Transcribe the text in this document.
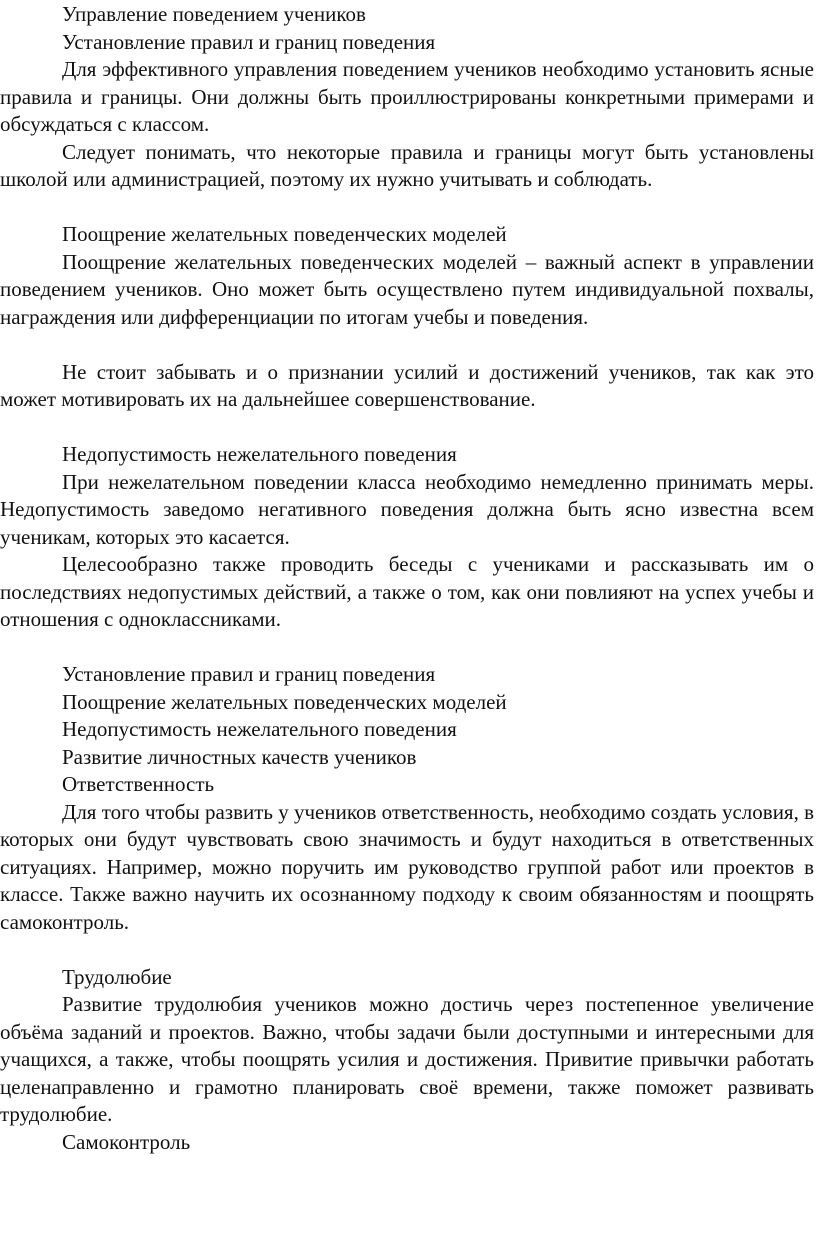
Управление поведением учеников
Установление правил и границ поведения

Для эффективного управления поведением учеников необходимо установить ясные правила и границы. Они должны быть проиллюстрированы конкретными примерами и обсуждаться с классом.

Следует понимать, что некоторые правила и границы могут быть установлены школой или администрацией, поэтому их нужно учитывать и соблюдать.

Поощрение желательных поведенческих моделей

Поощрение желательных поведенческих моделей – важный аспект в управлении поведением учеников. Оно может быть осуществлено путем индивидуальной похвалы, награждения или дифференциации по итогам учебы и поведения.

Не стоит забывать и о признании усилий и достижений учеников, так как это может мотивировать их на дальнейшее совершенствование.

Недопустимость нежелательного поведения

При нежелательном поведении класса необходимо немедленно принимать меры. Недопустимость заведомо негативного поведения должна быть ясно известна всем ученикам, которых это касается.

Целесообразно также проводить беседы с учениками и рассказывать им о последствиях недопустимых действий, а также о том, как они повлияют на успех учебы и отношения с одноклассниками.

Установление правил и границ поведения
Поощрение желательных поведенческих моделей
Недопустимость нежелательного поведения
Развитие личностных качеств учеников
Ответственность

Для того чтобы развить у учеников ответственность, необходимо создать условия, в которых они будут чувствовать свою значимость и будут находиться в ответственных ситуациях. Например, можно поручить им руководство группой работ или проектов в классе. Также важно научить их осознанному подходу к своим обязанностям и поощрять самоконтроль.

Трудолюбие

Развитие трудолюбия учеников можно достичь через постепенное увеличение объёма заданий и проектов. Важно, чтобы задачи были доступными и интересными для учащихся, а также, чтобы поощрять усилия и достижения. Привитие привычки работать целенаправленно и грамотно планировать своё времени, также поможет развивать трудолюбие.

Самоконтроль
